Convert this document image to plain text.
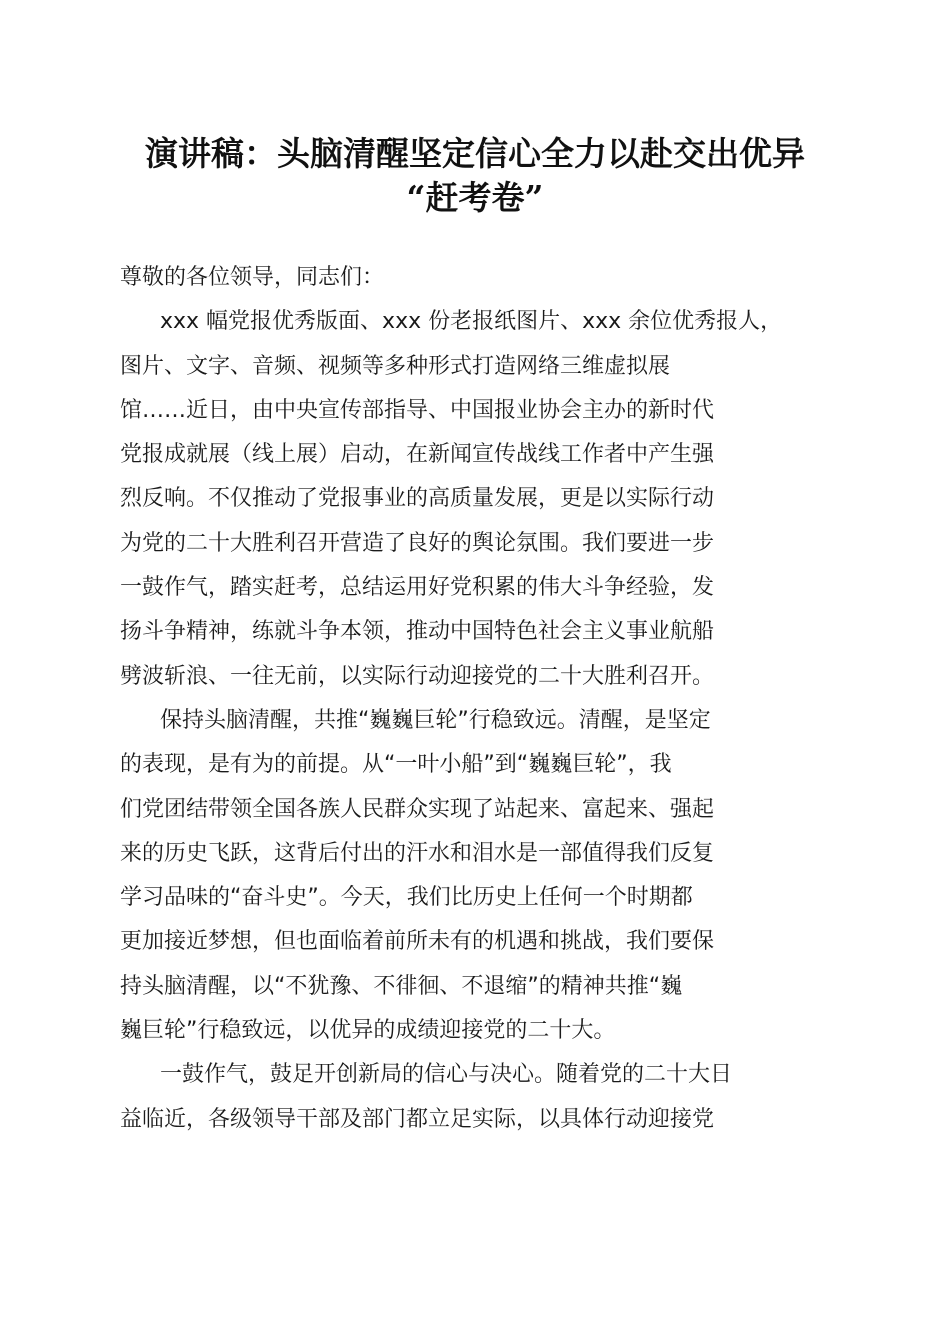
演讲稿：头脑清醒坚定信心全力以赴交出优异
“赶考卷”

尊敬的各位领导，同志们：

xxx 幅党报优秀版面、xxx 份老报纸图片、xxx 余位优秀报人，
图片、文字、音频、视频等多种形式打造网络三维虚拟展
馆……近日，由中央宣传部指导、中国报业协会主办的新时代
党报成就展（线上展）启动，在新闻宣传战线工作者中产生强
烈反响。不仅推动了党报事业的高质量发展，更是以实际行动
为党的二十大胜利召开营造了良好的舆论氛围。我们要进一步
一鼓作气，踏实赶考，总结运用好党积累的伟大斗争经验，发
扬斗争精神，练就斗争本领，推动中国特色社会主义事业航船
劈波斩浪、一往无前，以实际行动迎接党的二十大胜利召开。

保持头脑清醒，共推“巍巍巨轮”行稳致远。清醒，是坚定
的表现，是有为的前提。从“一叶小船”到“巍巍巨轮”，我
们党团结带领全国各族人民群众实现了站起来、富起来、强起
来的历史飞跃，这背后付出的汗水和泪水是一部值得我们反复
学习品味的“奋斗史”。今天，我们比历史上任何一个时期都
更加接近梦想，但也面临着前所未有的机遇和挑战，我们要保
持头脑清醒，以“不犹豫、不徘徊、不退缩”的精神共推“巍
巍巨轮”行稳致远，以优异的成绩迎接党的二十大。

一鼓作气，鼓足开创新局的信心与决心。随着党的二十大日
益临近，各级领导干部及部门都立足实际，以具体行动迎接党
